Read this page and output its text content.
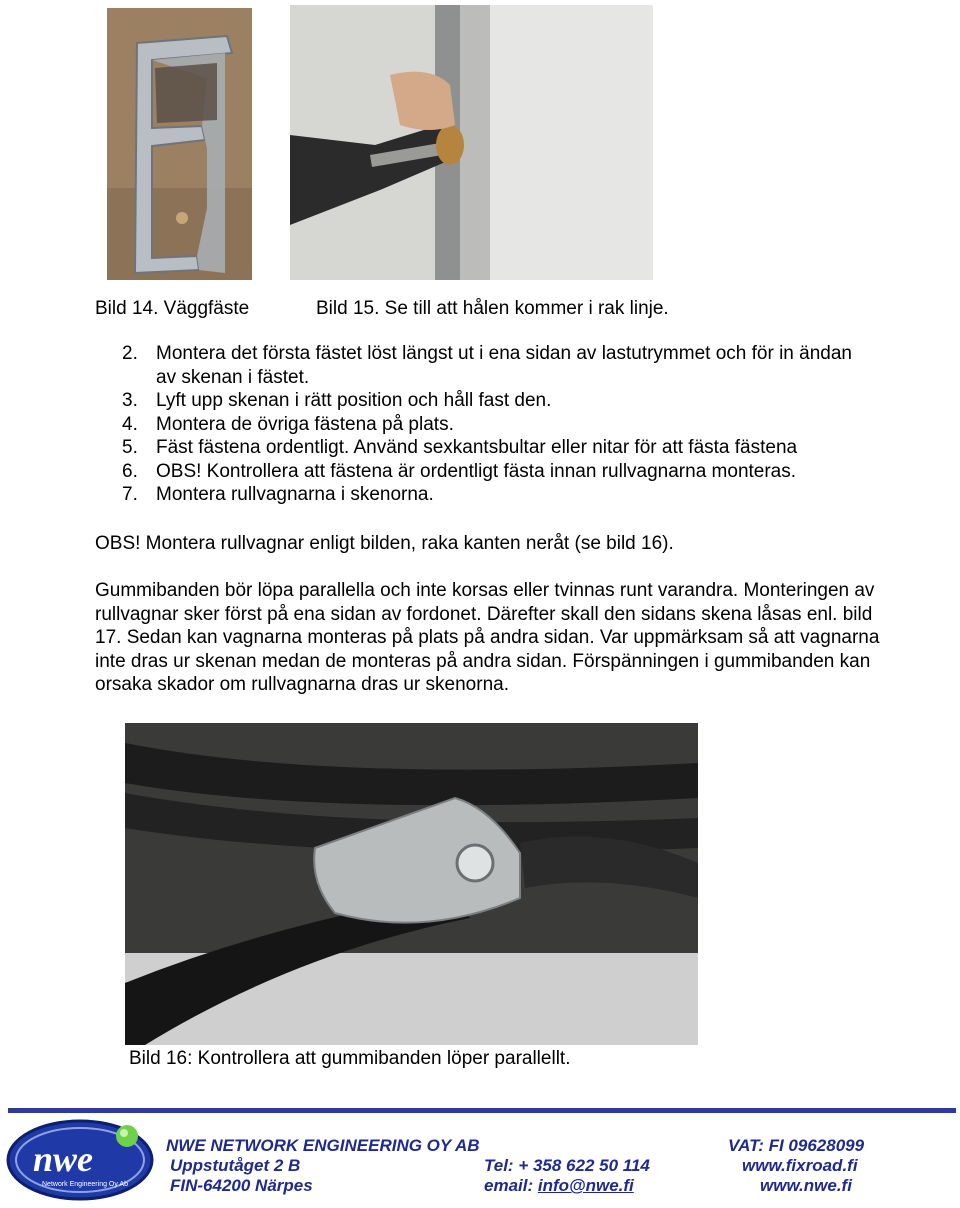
Bild 14. Väggfäste	Bild 15. Se till att hålen kommer i rak linje.
2. Montera det första fästet löst längst ut i ena sidan av lastutrymmet och för in ändan av skenan i fästet.
3. Lyft upp skenan i rätt position och håll fast den.
4. Montera de övriga fästena på plats.
5. Fäst fästena ordentligt. Använd sexkantsbultar eller nitar för att fästa fästena
6. OBS! Kontrollera att fästena är ordentligt fästa innan rullvagnarna monteras.
7. Montera rullvagnarna i skenorna.

OBS! Montera rullvagnar enligt bilden, raka kanten neråt (se bild 16).

Gummibanden bör löpa parallella och inte korsas eller tvinnas runt varandra. Monteringen av rullvagnar sker först på ena sidan av fordonet. Därefter skall den sidans skena låsas enl. bild 17. Sedan kan vagnarna monteras på plats på andra sidan. Var uppmärksam så att vagnarna inte dras ur skenan medan de monteras på andra sidan. Förspänningen i gummibanden kan orsaka skador om rullvagnarna dras ur skenorna.

Bild 16: Kontrollera att gummibanden löper parallellt.
nwe
Network Engineering Oy Ab
NWE NETWORK ENGINEERING OY AB
Uppstutåget 2 B
FIN-64200 Närpes
Tel: + 358 622 50 114
email: info@nwe.fi
VAT: FI 09628099
www.fixroad.fi
www.nwe.fi
